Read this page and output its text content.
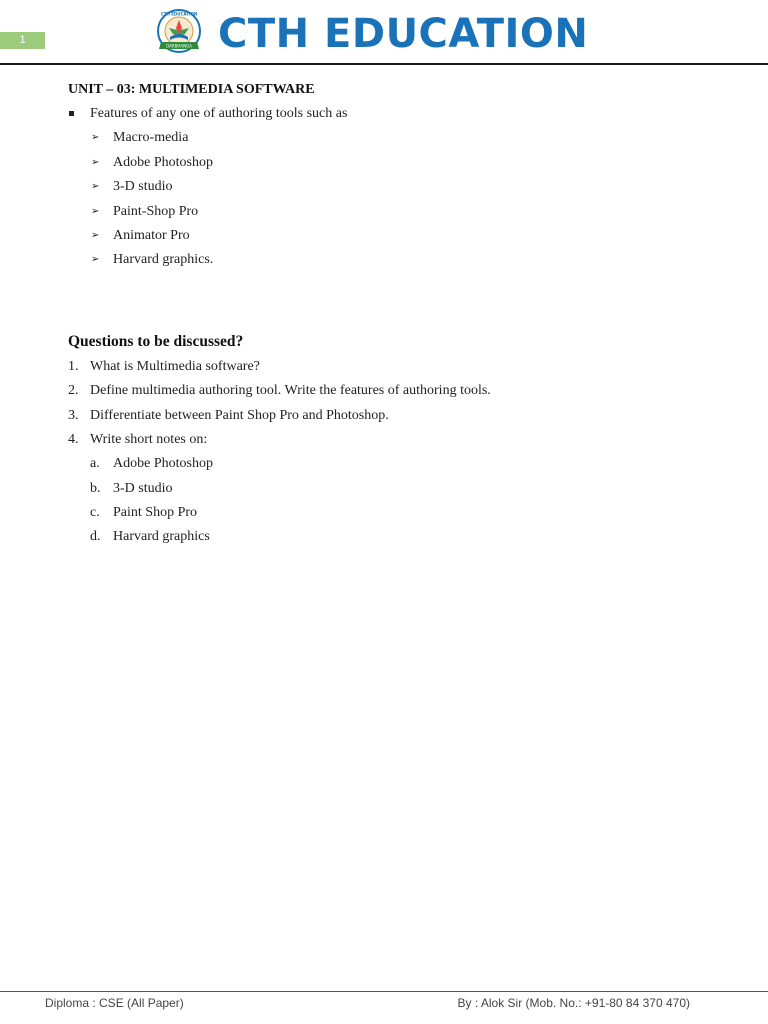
1	DARBHANGA
CTH EDUCATION CTH EDUCATION
UNIT – 03: MULTIMEDIA SOFTWARE
Features of any one of authoring tools such as
➢ Macro-media
➢ Adobe Photoshop
➢ 3-D studio
➢ Paint-Shop Pro
➢ Animator Pro
➢ Harvard graphics.
Questions to be discussed?
1. What is Multimedia software?
2. Define multimedia authoring tool. Write the features of authoring tools.
3. Differentiate between Paint Shop Pro and Photoshop.
4. Write short notes on:
a. Adobe Photoshop
b. 3-D studio
c. Paint Shop Pro
d. Harvard graphics
Diploma : CSE (All Paper)	By : Alok Sir (Mob. No.: +91-80 84 370 470)
